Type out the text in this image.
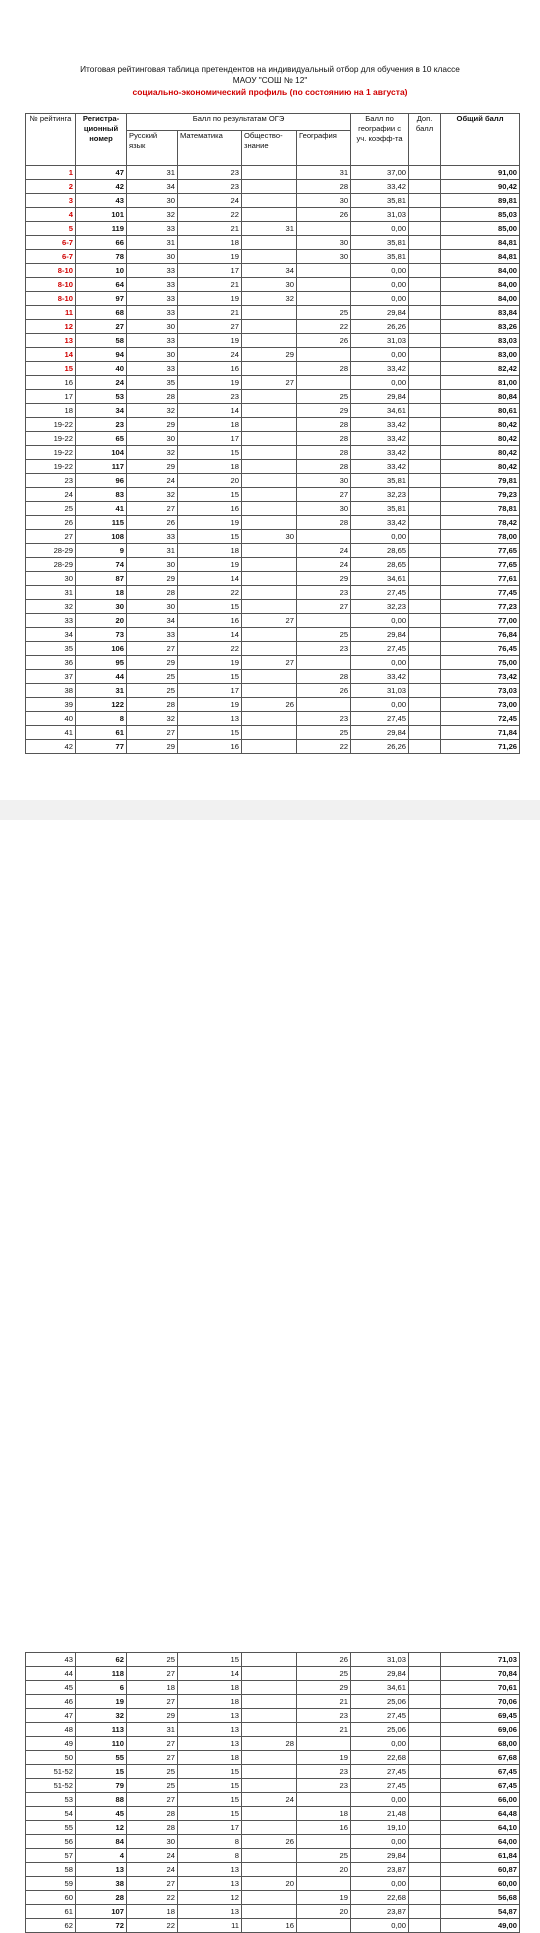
Итоговая рейтинговая таблица претендентов на индивидуальный отбор для обучения в 10 классе
МАОУ "СОШ № 12"
социально-экономический профиль (по состоянию на 1 августа)
№ рейтинга	Регистра-ционный номер	Балл по результатам ОГЭ				Балл по географии с уч. коэфф-та	Доп. балл	Общий балл
		Русский язык	Математика	Общество-знание	География			
1	47	31	23		31	37,00		91,00
2	42	34	23		28	33,42		90,42
3	43	30	24		30	35,81		89,81
4	101	32	22		26	31,03		85,03
5	119	33	21	31		0,00		85,00
6-7	66	31	18		30	35,81		84,81
6-7	78	30	19		30	35,81		84,81
8-10	10	33	17	34		0,00		84,00
8-10	64	33	21	30		0,00		84,00
8-10	97	33	19	32		0,00		84,00
11	68	33	21		25	29,84		83,84
12	27	30	27		22	26,26		83,26
13	58	33	19		26	31,03		83,03
14	94	30	24	29		0,00		83,00
15	40	33	16		28	33,42		82,42
16	24	35	19	27		0,00		81,00
17	53	28	23		25	29,84		80,84
18	34	32	14		29	34,61		80,61
19-22	23	29	18		28	33,42		80,42
19-22	65	30	17		28	33,42		80,42
19-22	104	32	15		28	33,42		80,42
19-22	117	29	18		28	33,42		80,42
23	96	24	20		30	35,81		79,81
24	83	32	15		27	32,23		79,23
25	41	27	16		30	35,81		78,81
26	115	26	19		28	33,42		78,42
27	108	33	15	30		0,00		78,00
28-29	9	31	18		24	28,65		77,65
28-29	74	30	19		24	28,65		77,65
30	87	29	14		29	34,61		77,61
31	18	28	22		23	27,45		77,45
32	30	30	15		27	32,23		77,23
33	20	34	16	27		0,00		77,00
34	73	33	14		25	29,84		76,84
35	106	27	22		23	27,45		76,45
36	95	29	19	27		0,00		75,00
37	44	25	15		28	33,42		73,42
38	31	25	17		26	31,03		73,03
39	122	28	19	26		0,00		73,00
40	8	32	13		23	27,45		72,45
41	61	27	15		25	29,84		71,84
42	77	29	16		22	26,26		71,26
43	62	25	15		26	31,03		71,03
44	118	27	14		25	29,84		70,84
45	6	18	18		29	34,61		70,61
46	19	27	18		21	25,06		70,06
47	32	29	13		23	27,45		69,45
48	113	31	13		21	25,06		69,06
49	110	27	13	28		0,00		68,00
50	55	27	18		19	22,68		67,68
51-52	15	25	15		23	27,45		67,45
51-52	79	25	15		23	27,45		67,45
53	88	27	15	24		0,00		66,00
54	45	28	15		18	21,48		64,48
55	12	28	17		16	19,10		64,10
56	84	30	8	26		0,00		64,00
57	4	24	8		25	29,84		61,84
58	13	24	13		20	23,87		60,87
59	38	27	13	20		0,00		60,00
60	28	22	12		19	22,68		56,68
61	107	18	13		20	23,87		54,87
62	72	22	11	16		0,00		49,00
